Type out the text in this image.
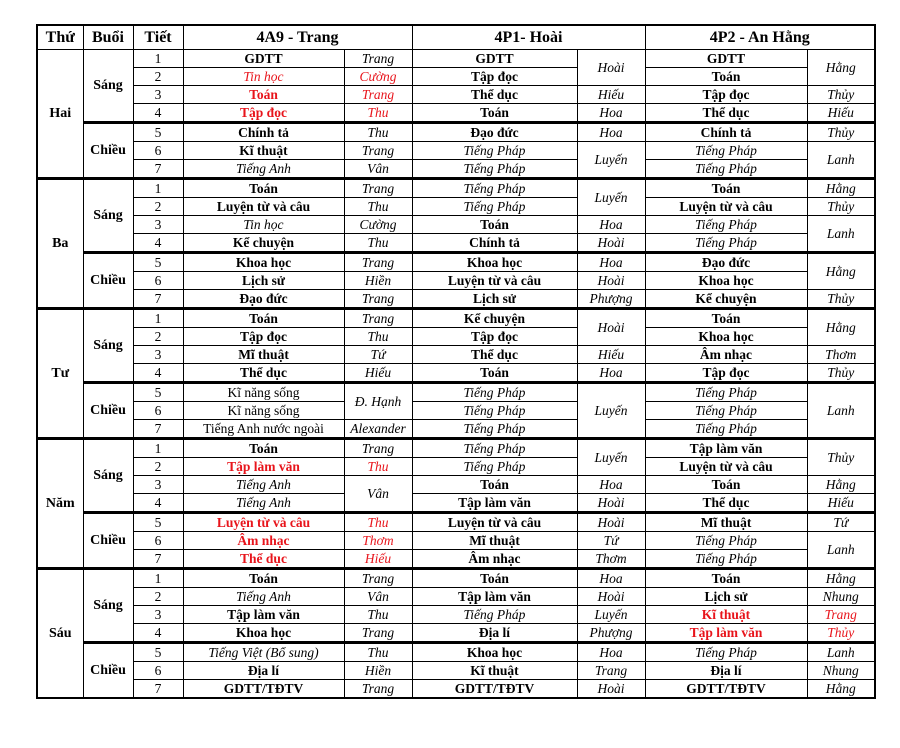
Thứ	Buổi	Tiết	4A9 - Trang		4P1- Hoài		4P2 - An Hằng	
Hai	Sáng	1	GDTT	Trang	GDTT	Hoài	GDTT	Hằng
		2	Tin học	Cường	Tập đọc		Toán	
		3	Toán	Trang	Thể dục	Hiếu	Tập đọc	Thủy
		4	Tập đọc	Thu	Toán	Hoa	Thể dục	Hiếu
	Chiều	5	Chính tả	Thu	Đạo đức	Hoa	Chính tả	Thủy
		6	Kĩ thuật	Trang	Tiếng Pháp	Luyến	Tiếng Pháp	Lanh
		7	Tiếng Anh	Vân	Tiếng Pháp		Tiếng Pháp	
Ba	Sáng	1	Toán	Trang	Tiếng Pháp	Luyến	Toán	Hằng
		2	Luyện từ và câu	Thu	Tiếng Pháp		Luyện từ và câu	Thủy
		3	Tin học	Cường	Toán	Hoa	Tiếng Pháp	Lanh
		4	Kể chuyện	Thu	Chính tả	Hoài	Tiếng Pháp	
	Chiều	5	Khoa học	Trang	Khoa học	Hoa	Đạo đức	Hằng
		6	Lịch sử	Hiền	Luyện từ và câu	Hoài	Khoa học	
		7	Đạo đức	Trang	Lịch sử	Phượng	Kể chuyện	Thủy
Tư	Sáng	1	Toán	Trang	Kể chuyện	Hoài	Toán	Hằng
		2	Tập đọc	Thu	Tập đọc		Khoa học	
		3	Mĩ thuật	Tứ	Thể dục	Hiếu	Âm nhạc	Thơm
		4	Thể dục	Hiếu	Toán	Hoa	Tập đọc	Thủy
	Chiều	5	Kĩ năng sống	Đ. Hạnh	Tiếng Pháp	Luyến	Tiếng Pháp	Lanh
		6	Kĩ năng sống		Tiếng Pháp		Tiếng Pháp	
		7	Tiếng Anh nước ngoài	Alexander	Tiếng Pháp		Tiếng Pháp	
Năm	Sáng	1	Toán	Trang	Tiếng Pháp	Luyến	Tập làm văn	Thủy
		2	Tập làm văn	Thu	Tiếng Pháp		Luyện từ và câu	
		3	Tiếng Anh	Vân	Toán	Hoa	Toán	Hằng
		4	Tiếng Anh		Tập làm văn	Hoài	Thể dục	Hiếu
	Chiều	5	Luyện từ và câu	Thu	Luyện từ và câu	Hoài	Mĩ thuật	Tứ
		6	Âm nhạc	Thơm	Mĩ thuật	Tứ	Tiếng Pháp	Lanh
		7	Thể dục	Hiếu	Âm nhạc	Thơm	Tiếng Pháp	
Sáu	Sáng	1	Toán	Trang	Toán	Hoa	Toán	Hằng
		2	Tiếng Anh	Vân	Tập làm văn	Hoài	Lịch sử	Nhung
		3	Tập làm văn	Thu	Tiếng Pháp	Luyến	Kĩ thuật	Trang
		4	Khoa học	Trang	Địa lí	Phượng	Tập làm văn	Thủy
	Chiều	5	Tiếng Việt (Bổ sung)	Thu	Khoa học	Hoa	Tiếng Pháp	Lanh
		6	Địa lí	Hiền	Kĩ thuật	Trang	Địa lí	Nhung
		7	GDTT/TĐTV	Trang	GDTT/TĐTV	Hoài	GDTT/TĐTV	Hằng
